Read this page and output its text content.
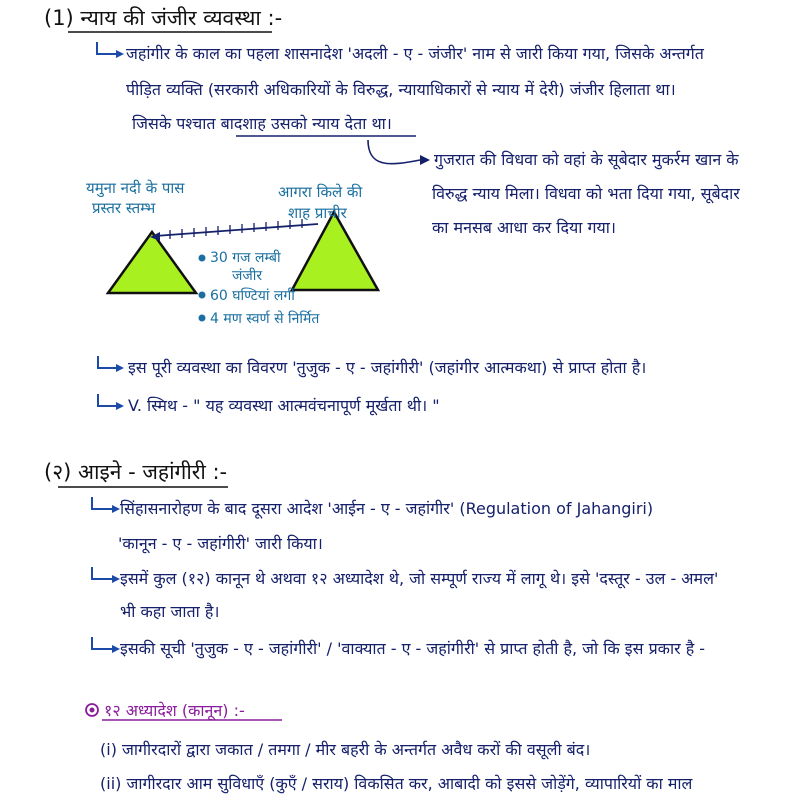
(1) न्याय की जंजीर व्यवस्था :-
जहांगीर के काल का पहला शासनादेश 'अदली - ए - जंजीर' नाम से जारी किया गया, जिसके अन्तर्गत
पीड़ित व्यक्ति (सरकारी अधिकारियों के विरुद्ध, न्यायाधिकारों से न्याय में देरी) जंजीर हिलाता था।
जिसके पश्चात बादशाह उसको न्याय देता था।
गुजरात की विधवा को वहां के सूबेदार मुकर्रम खान के
विरुद्ध न्याय मिला। विधवा को भता दिया गया, सूबेदार
का मनसब आधा कर दिया गया।
यमुना नदी के पास
प्रस्तर स्तम्भ
आगरा किले की
शाह प्राचीर
30 गज लम्बी
जंजीर
60 घण्टियां लगीं
4 मण स्वर्ण से निर्मित
इस पूरी व्यवस्था का विवरण 'तुजुक - ए - जहांगीरी' (जहांगीर आत्मकथा) से प्राप्त होता है।
V. स्मिथ - " यह व्यवस्था आत्मवंचनापूर्ण मूर्खता थी। "
(२) आइने - जहांगीरी :-
सिंहासनारोहण के बाद दूसरा आदेश 'आईन - ए - जहांगीर' (Regulation of Jahangiri)
'कानून - ए - जहांगीरी' जारी किया।
इसमें कुल (१२) कानून थे अथवा १२ अध्यादेश थे, जो सम्पूर्ण राज्य में लागू थे। इसे 'दस्तूर - उल - अमल'
भी कहा जाता है।
इसकी सूची 'तुजुक - ए - जहांगीरी' / 'वाक्यात - ए - जहांगीरी' से प्राप्त होती है, जो कि इस प्रकार है -
१२ अध्यादेश (कानून) :-
(i) जागीरदारों द्वारा जकात / तमगा / मीर बहरी के अन्तर्गत अवैध करों की वसूली बंद।
(ii) जागीरदार आम सुविधाएँ (कुएँ / सराय) विकसित कर, आबादी को इससे जोड़ेंगे, व्यापारियों का माल
